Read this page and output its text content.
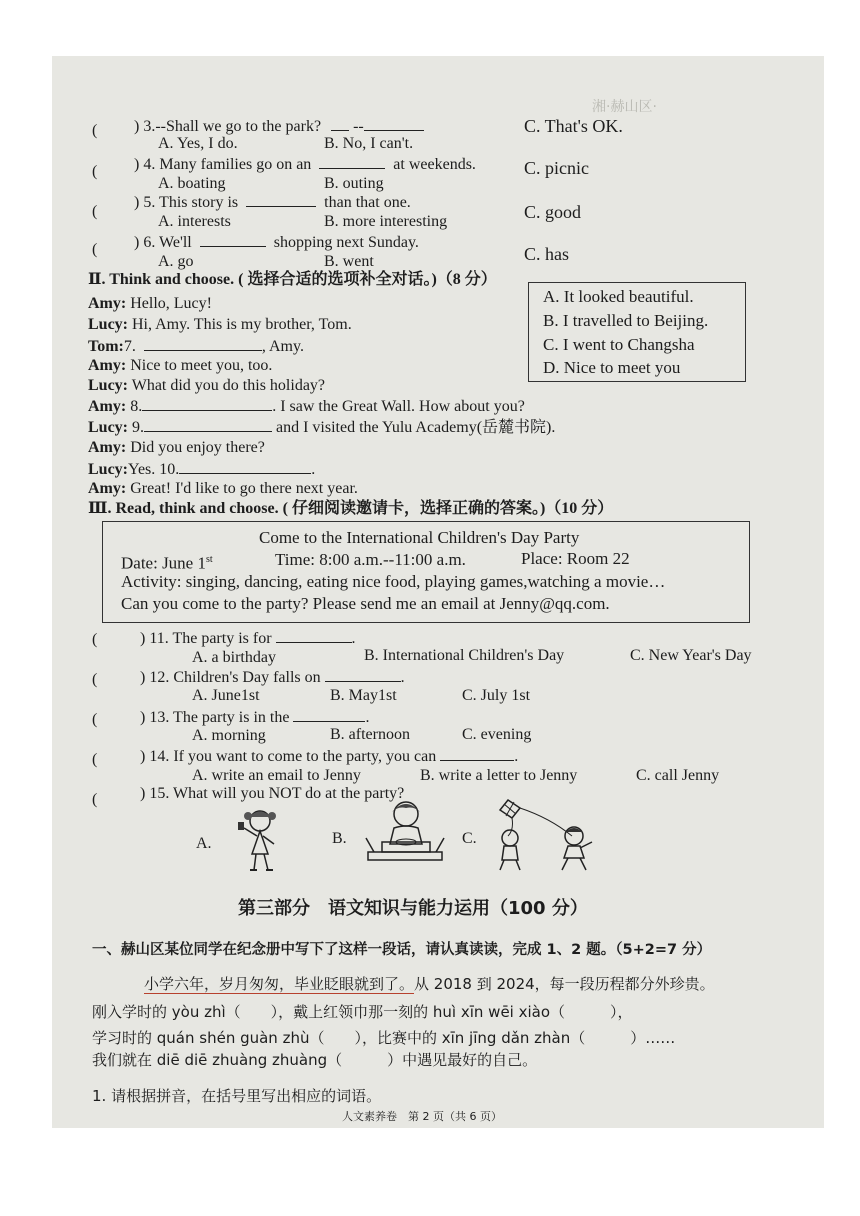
湘·赫山区·
( ) 3.--Shall we go to the park? --
A. Yes, I do.	B. No, I can't.
C. That's OK.
( ) 4. Many families go on an	at weekends.
A. boating	B. outing
C. picnic
(
) 5. This story is	than that one.
A. interests	B. more interesting	C. good
( ) 6. We'll	shopping next Sunday.
A. go	B. went	C. has
Ⅱ. Think and choose. ( 选择合适的选项补全对话。)（8 分）
A. It looked beautiful.
B. I travelled to Beijing.
C. I went to Changsha
D. Nice to meet you
Amy: Hello, Lucy!
Lucy: Hi, Amy. This is my brother, Tom.
Tom:7.	, Amy.
Amy: Nice to meet you, too.
Lucy: What did you do this holiday?
Amy: 8.	. I saw the Great Wall. How about you?
Lucy: 9.	and I visited the Yulu Academy(岳麓书院).
Amy: Did you enjoy there?
Lucy:Yes. 10.	.
Amy: Great! I'd like to go there next year.
Ⅲ. Read, think and choose. ( 仔细阅读邀请卡，选择正确的答案。)（10 分）
Come to the International Children's Day Party
Date: June 1st	Time: 8:00 a.m.--11:00 a.m.	Place: Room 22
Activity: singing, dancing, eating nice food, playing games,watching a movie…
Can you come to the party? Please send me an email at Jenny@qq.com.
(	) 11. The party is for	.
A. a birthday	B. International Children's Day	C. New Year's Day
(	) 12. Children's Day falls on	.
A. June1st	B. May1st	C. July 1st
(	) 13. The party is in the	.
A. morning	B. afternoon	C. evening
(	) 14. If you want to come to the party, you can	.
A. write an email to Jenny	B. write a letter to Jenny	C. call Jenny
(	) 15. What will you NOT do at the party?
A.	B.	C.
第三部分　语文知识与能力运用（100 分）
一、赫山区某位同学在纪念册中写下了这样一段话，请认真读读，完成 1、2 题。（5+2=7 分）
小学六年，岁月匆匆，毕业眨眼就到了。从 2018 到 2024，每一段历程都分外珍贵。
刚入学时的 yòu zhì（　　），戴上红领巾那一刻的 huì xīn wēi xiào（　　　），
学习时的 quán shén guàn zhù（　　），比赛中的 xīn jīng dǎn zhàn（　　　）……
我们就在 diē diē zhuàng zhuàng（　　　）中遇见最好的自己。
1. 请根据拼音，在括号里写出相应的词语。
人文素养卷　第 2 页（共 6 页）
